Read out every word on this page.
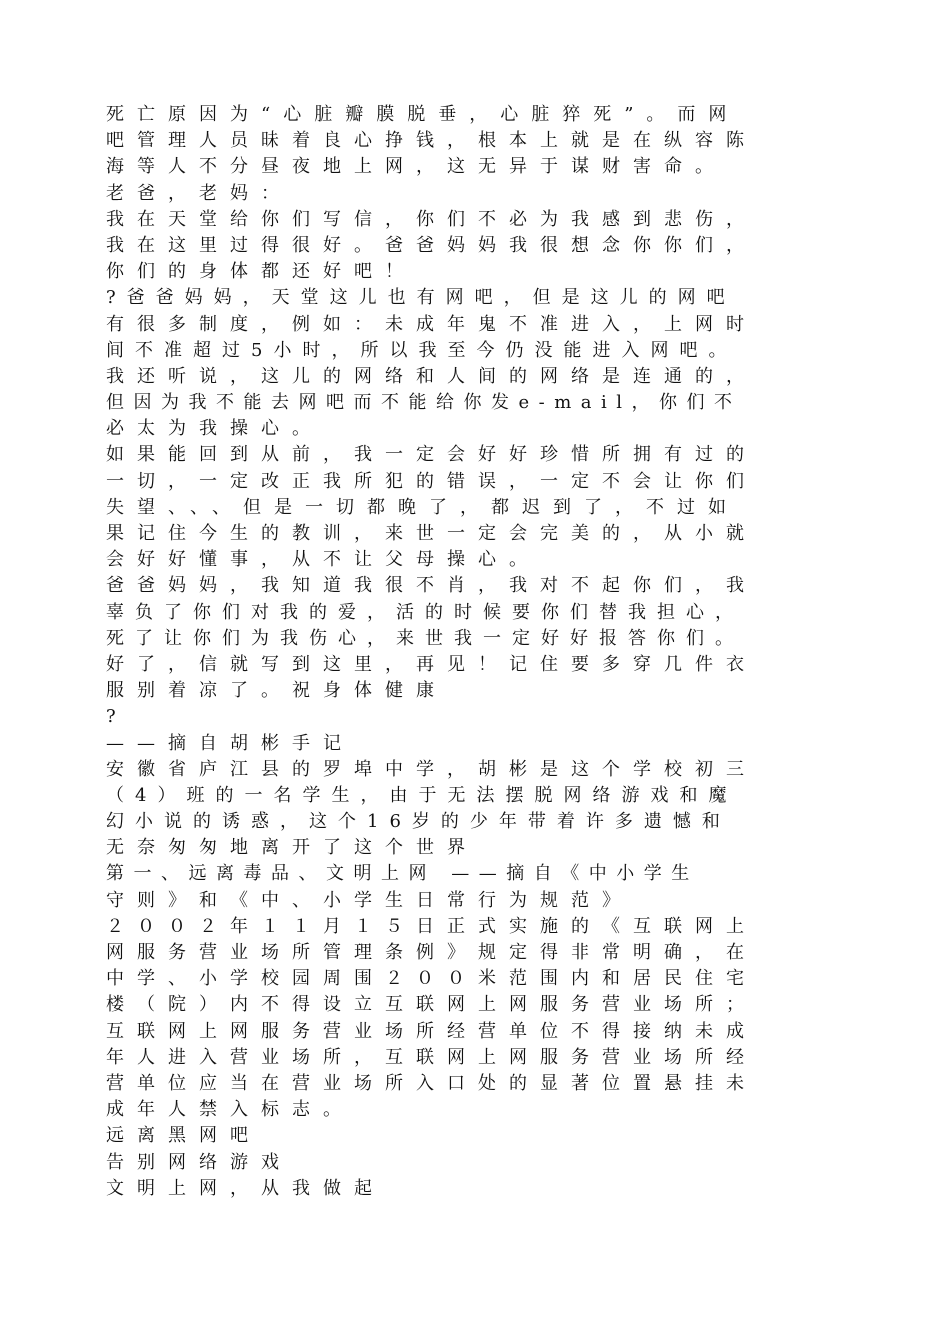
死亡原因为“心脏瓣膜脱垂，心脏猝死”。而网
吧管理人员昧着良心挣钱，根本上就是在纵容陈
海等人不分昼夜地上网，这无异于谋财害命。
老爸，老妈：
我在天堂给你们写信，你们不必为我感到悲伤，
我在这里过得很好。爸爸妈妈我很想念你你们，
你们的身体都还好吧！
?爸爸妈妈，天堂这儿也有网吧，但是这儿的网吧
有很多制度，例如：未成年鬼不准进入，上网时
间不准超过5小时，所以我至今仍没能进入网吧。
我还听说，这儿的网络和人间的网络是连通的，
但因为我不能去网吧而不能给你发e-mail，你们不
必太为我操心。
如果能回到从前，我一定会好好珍惜所拥有过的
一切，一定改正我所犯的错误，一定不会让你们
失望、、、但是一切都晚了，都迟到了，不过如
果记住今生的教训，来世一定会完美的，从小就
会好好懂事，从不让父母操心。
爸爸妈妈，我知道我很不肖，我对不起你们，我
辜负了你们对我的爱，活的时候要你们替我担心，
死了让你们为我伤心，来世我一定好好报答你们。
好了，信就写到这里，再见！记住要多穿几件衣
服别着凉了。祝身体健康
?
——摘自胡彬手记
安徽省庐江县的罗埠中学，胡彬是这个学校初三
（4）班的一名学生，由于无法摆脱网络游戏和魔
幻小说的诱惑，这个16岁的少年带着许多遗憾和
无奈匆匆地离开了这个世界
第一、远离毒品、文明上网 ——摘自《中小学生
守则》和《中、小学生日常行为规范》
２００２年１１月１５日正式实施的《互联网上
网服务营业场所管理条例》规定得非常明确，在
中学、小学校园周围２００米范围内和居民住宅
楼（院）内不得设立互联网上网服务营业场所；
互联网上网服务营业场所经营单位不得接纳未成
年人进入营业场所，互联网上网服务营业场所经
营单位应当在营业场所入口处的显著位置悬挂未
成年人禁入标志。
远离黑网吧
告别网络游戏
文明上网，从我做起
